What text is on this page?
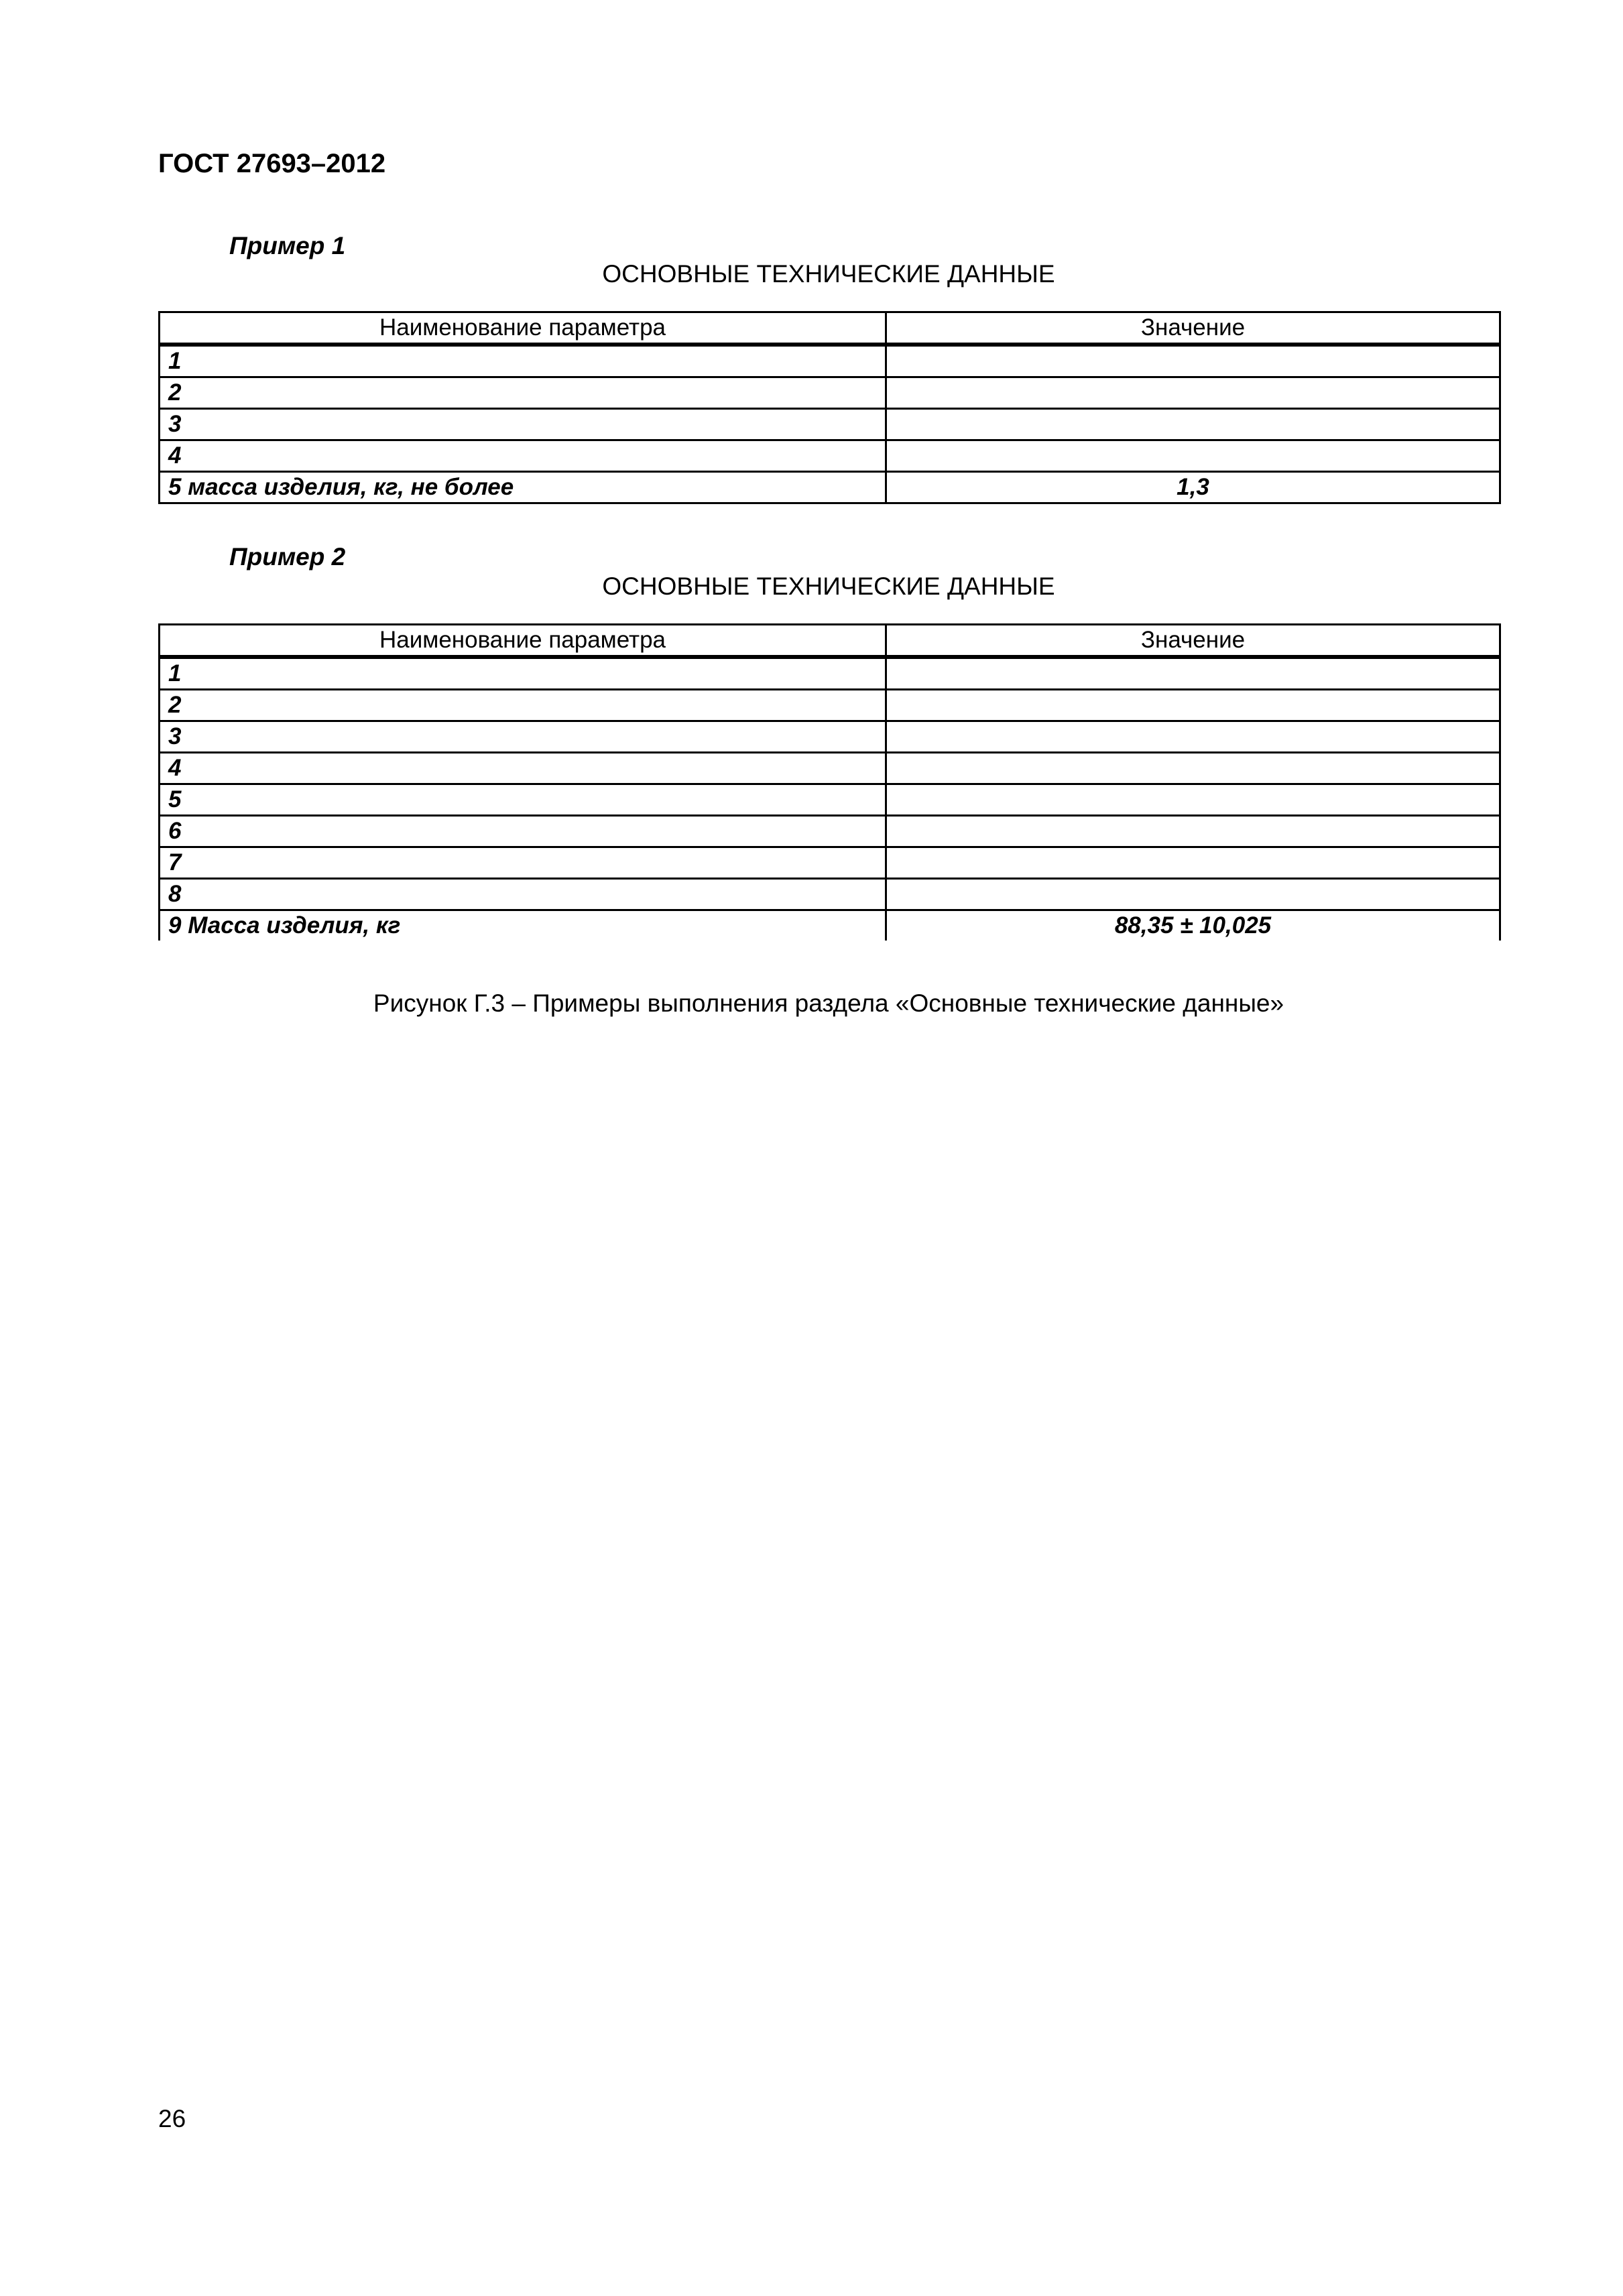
ГОСТ 27693–2012

Пример 1

ОСНОВНЫЕ ТЕХНИЧЕСКИЕ ДАННЫЕ

Наименование параметра	Значение
1	
2	
3	
4	
5 масса изделия, кг, не более	1,3

Пример 2

ОСНОВНЫЕ ТЕХНИЧЕСКИЕ ДАННЫЕ

Наименование параметра	Значение
1	
2	
3	
4	
5	
6	
7	
8	
9 Масса изделия, кг	88,35 ± 10,025

Рисунок Г.3 – Примеры выполнения раздела «Основные технические данные»

26
